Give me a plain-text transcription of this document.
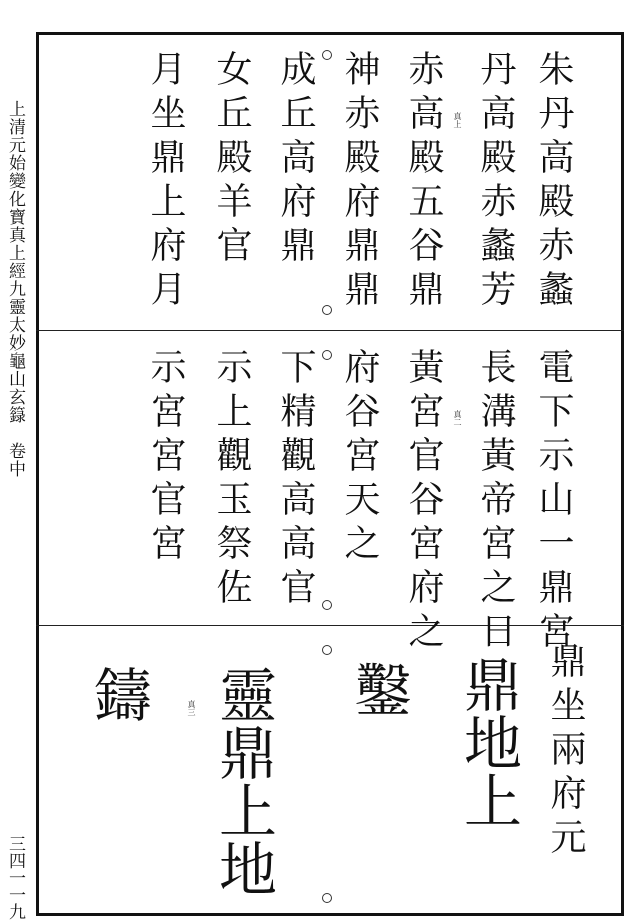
上清元始變化寶真上經九靈太妙龜山玄籙　卷中
三四一一九
朱丹高殿赤蠡
丹高殿赤蠡芳
赤高殿五谷鼎
神赤殿府鼎鼎
成丘高府鼎
女丘殿羊官
月坐鼎上府月	真上
電下示山一鼎宮
長溝黃帝宮之日
黃宮官谷宮府之
府谷宮天之
下精觀高高官
示上觀玉祭佐
示宮宮官宮	真二
鼎坐兩府元
鼎地上
鑿
靈鼎上地
鑄	真三
